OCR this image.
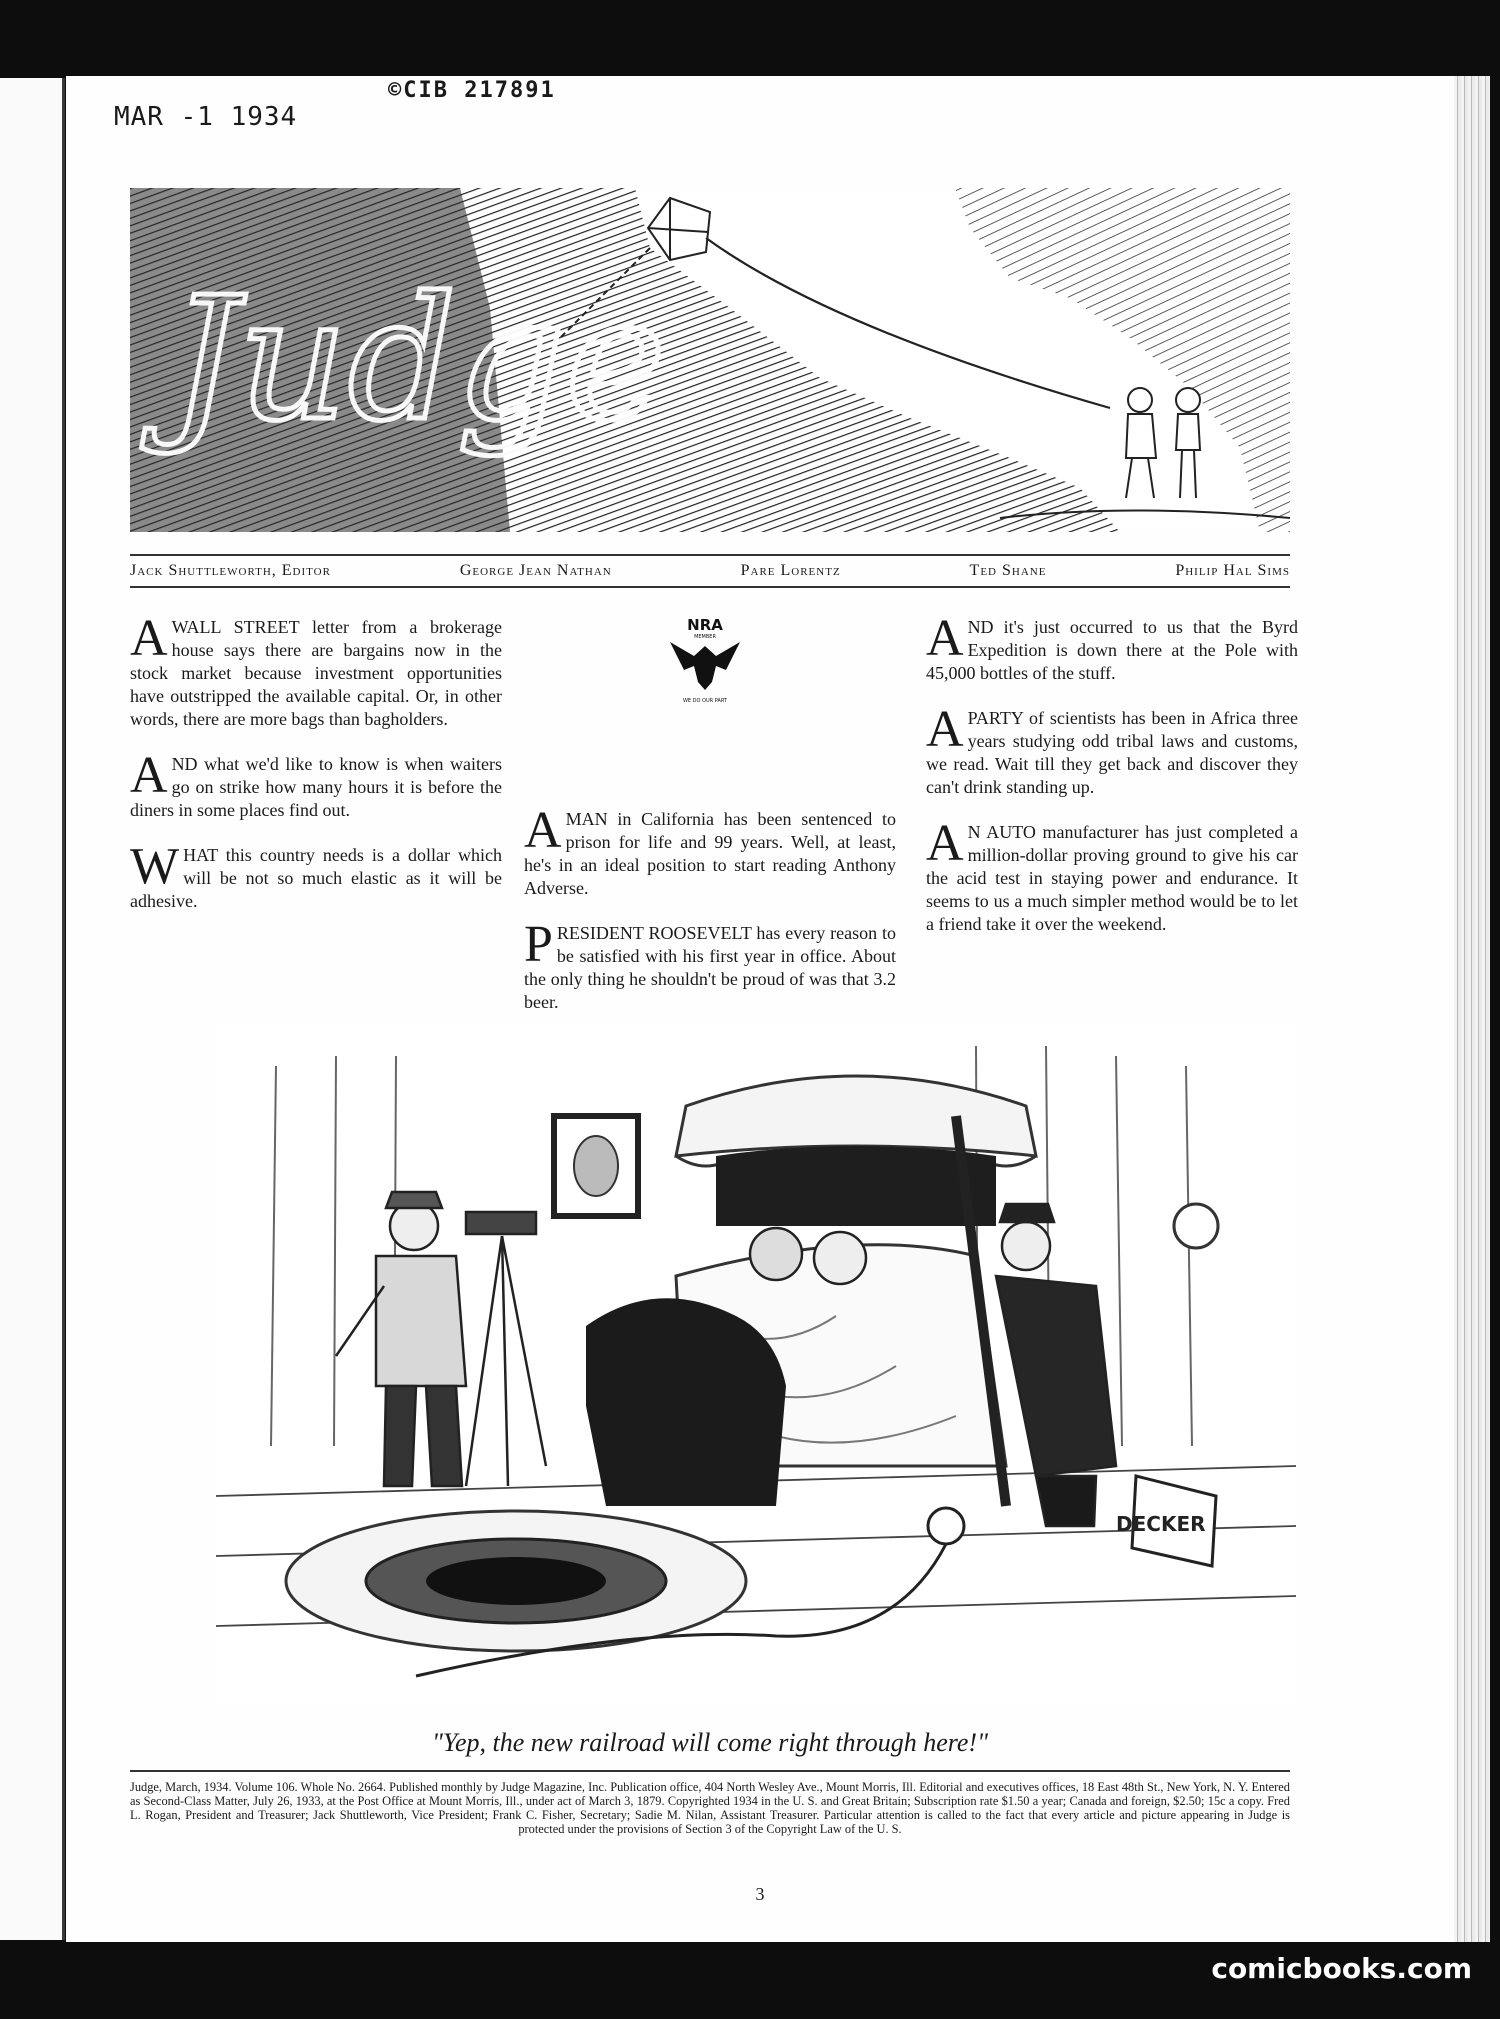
MAR -1 1934
©CIB 217891
Judge
Jack Shuttleworth, Editor	George Jean Nathan	Pare Lorentz	Ted Shane	Philip Hal Sims

A WALL STREET letter from a brokerage house says there are bargains now in the stock market because investment opportunities have outstripped the available capital. Or, in other words, there are more bags than bagholders.

AND what we'd like to know is when waiters go on strike how many hours it is before the diners in some places find out.

WHAT this country needs is a dollar which will be not so much elastic as it will be adhesive.

NRA
MEMBER
WE DO OUR PART

A MAN in California has been sentenced to prison for life and 99 years. Well, at least, he's in an ideal position to start reading Anthony Adverse.

PRESIDENT ROOSEVELT has every reason to be satisfied with his first year in office. About the only thing he shouldn't be proud of was that 3.2 beer.

AND it's just occurred to us that the Byrd Expedition is down there at the Pole with 45,000 bottles of the stuff.

A PARTY of scientists has been in Africa three years studying odd tribal laws and customs, we read. Wait till they get back and discover they can't drink standing up.

A N AUTO manufacturer has just completed a million-dollar proving ground to give his car the acid test in staying power and endurance. It seems to us a much simpler method would be to let a friend take it over the weekend.

DECKER
"Yep, the new railroad will come right through here!"
Judge, March, 1934. Volume 106. Whole No. 2664. Published monthly by Judge Magazine, Inc. Publication office, 404 North Wesley Ave., Mount Morris, Ill. Editorial and executives offices, 18 East 48th St., New York, N. Y. Entered as Second-Class Matter, July 26, 1933, at the Post Office at Mount Morris, Ill., under act of March 3, 1879. Copyrighted 1934 in the U. S. and Great Britain; Subscription rate $1.50 a year; Canada and foreign, $2.50; 15c a copy. Fred L. Rogan, President and Treasurer; Jack Shuttleworth, Vice President; Frank C. Fisher, Secretary; Sadie M. Nilan, Assistant Treasurer. Particular attention is called to the fact that every article and picture appearing in Judge is protected under the provisions of Section 3 of the Copyright Law of the U. S.
3
comicbooks.com
